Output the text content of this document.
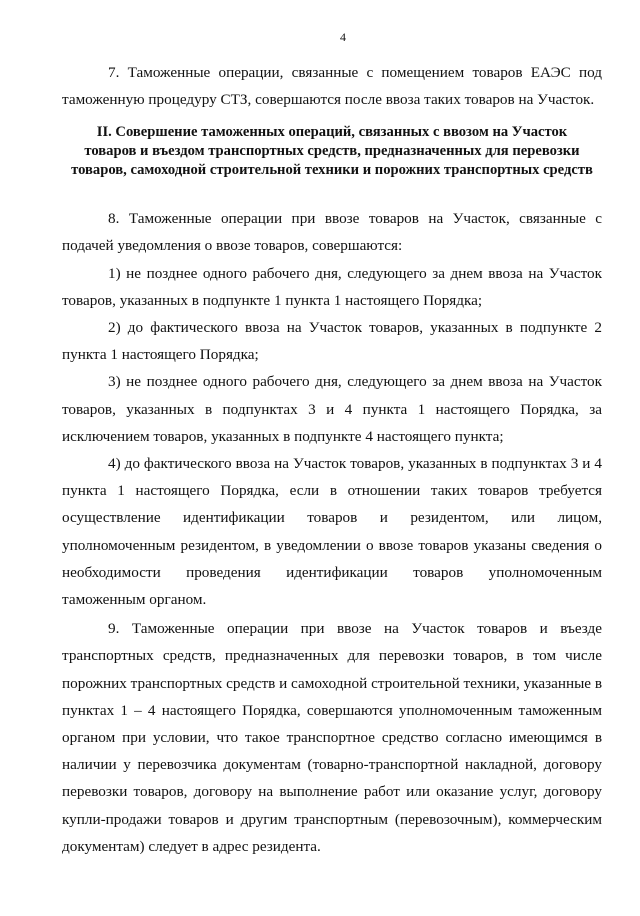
4

7. Таможенные операции, связанные с помещением товаров ЕАЭС под таможенную процедуру СТЗ, совершаются после ввоза таких товаров на Участок.

II. Совершение таможенных операций, связанных с ввозом на Участок товаров и въездом транспортных средств, предназначенных для перевозки товаров, самоходной строительной техники и порожних транспортных средств

8. Таможенные операции при ввозе товаров на Участок, связанные с подачей уведомления о ввозе товаров, совершаются:

1) не позднее одного рабочего дня, следующего за днем ввоза на Участок товаров, указанных в подпункте 1 пункта 1 настоящего Порядка;

2) до фактического ввоза на Участок товаров, указанных в подпункте 2 пункта 1 настоящего Порядка;

3) не позднее одного рабочего дня, следующего за днем ввоза на Участок товаров, указанных в подпунктах 3 и 4 пункта 1 настоящего Порядка, за исключением товаров, указанных в подпункте 4 настоящего пункта;

4) до фактического ввоза на Участок товаров, указанных в подпунктах 3 и 4 пункта 1 настоящего Порядка, если в отношении таких товаров требуется осуществление идентификации товаров и резидентом, или лицом, уполномоченным резидентом, в уведомлении о ввозе товаров указаны сведения о необходимости проведения идентификации товаров уполномоченным таможенным органом.

9. Таможенные операции при ввозе на Участок товаров и въезде транспортных средств, предназначенных для перевозки товаров, в том числе порожних транспортных средств и самоходной строительной техники, указанные в пунктах 1 – 4 настоящего Порядка, совершаются уполномоченным таможенным органом при условии, что такое транспортное средство согласно имеющимся в наличии у перевозчика документам (товарно-транспортной накладной, договору перевозки товаров, договору на выполнение работ или оказание услуг, договору купли-продажи товаров и другим транспортным (перевозочным), коммерческим документам) следует в адрес резидента.
